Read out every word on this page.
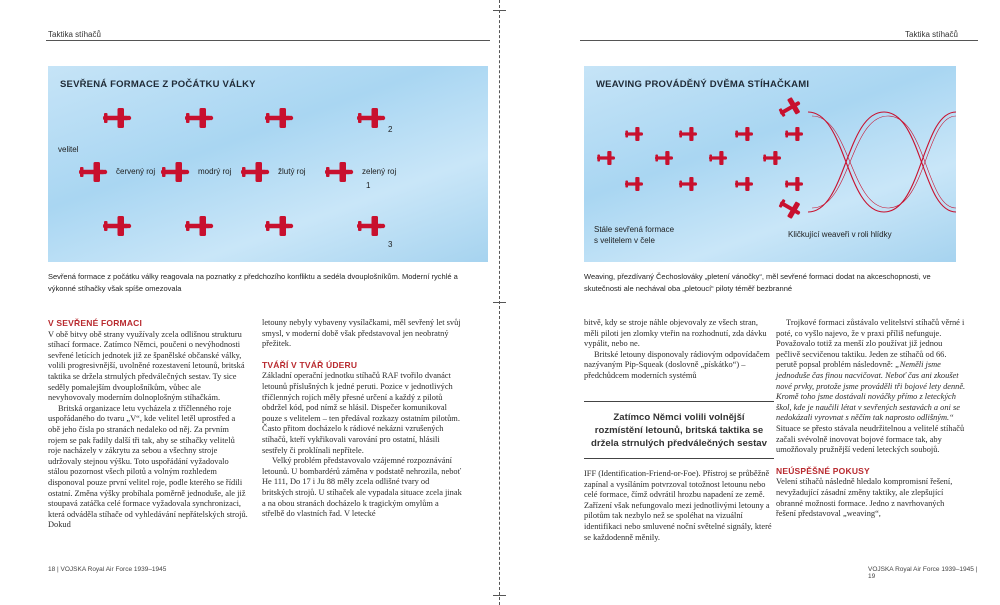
Taktika stíhačů
SEVŘENÁ FORMACE Z POČÁTKU VÁLKY
velitel
červený roj	modrý roj	žlutý roj	zelený roj
1
2
3
Sevřená formace z počátku války reagovala na poznatky z předchozího konfliktu a sedéla dvouplošníkům. Moderní rychlé a výkonné stíhačky však spíše omezovala
V SEVŘENÉ FORMACI

V obě bitvy obě strany využívaly zcela odlišnou strukturu stíhací formace. Zatímco Němci, poučeni o nevýhodnosti sevřené letících jednotek již ze španělské občanské války, volili progresivnější, uvolněné rozestavení letounů, britská taktika se držela strnulých předválečných sestav. Ty sice seděly pomalejším dvouplošníkům, vůbec ale nevyhovovaly moderním dolnoplošným stíhačkám.

Britská organizace letu vycházela z tříčlenného roje uspořádaného do tvaru „V“, kde velitel letěl uprostřed a obě jeho čísla po stranách nedaleko od něj. Za prvním rojem se pak řadily další tři tak, aby se stíhačky velitelů roje nacházely v zákrytu za sebou a všechny stroje udržovaly stejnou výšku. Toto uspořádání vyžadovalo stálou pozornost všech pilotů a volným rozhledem disponoval pouze první velitel roje, podle kterého se řídili ostatní. Změna výšky probíhala poměrně jednoduše, ale již stoupavá zatáčka celé formace vyžadovala synchronizaci, která odváděla stíhače od vyhledávání nepřátelských strojů. Dokud

letouny nebyly vybaveny vysílačkami, měl sevřený let svůj smysl, v moderní době však představoval jen neobratný přežitek.

TVÁŘÍ V TVÁŘ ÚDERU

Základní operační jednotku stíhačů RAF tvořilo dvanáct letounů příslušných k jedné peruti. Pozice v jednotlivých tříčlenných rojích měly přesné určení a každý z pilotů obdržel kód, pod nímž se hlásil. Dispečer komunikoval pouze s velitelem – ten předával rozkazy ostatním pilotům. Často přitom docházelo k rádiové nekázni vzrušených stíhačů, kteří vykřikovali varování pro ostatní, hlásili sestřely či proklínali nepřítele.

Velký problém představovalo vzájemné rozpoznávání letounů. U bombardérů záměna v podstatě nehrozila, neboť He 111, Do 17 i Ju 88 měly zcela odlišné tvary od britských strojů. U stíhaček ale vypadala situace zcela jinak a na obou stranách docházelo k tragickým omylům a střelbě do vlastních řad. V letecké

18 | VOJSKA Royal Air Force 1939–1945
Taktika stíhačů
WEAVING PROVÁDĚNÝ DVĚMA STÍHAČKAMI
Stále sevřená formace
s velitelem v čele
Kličkující weaveři v roli hlídky
Weaving, přezdívaný Čechoslováky „pletení vánočky“, měl sevřené formaci dodat na akceschopnosti, ve skutečnosti ale nechával oba „pletoucí“ piloty téměř bezbranné

bitvě, kdy se stroje náhle objevovaly ze všech stran, měli piloti jen zlomky vteřin na rozhodnutí, zda dávku vypálit, nebo ne.

Britské letouny disponovaly rádiovým odpovídačem nazývaným Pip-Squeak (doslovně „pískátko“) – předchůdcem moderních systémů

Zatímco Němci volili volnější rozmístění letounů, britská taktika se držela strnulých předválečných sestav

IFF (Identification-Friend-or-Foe). Přístroj se průběžně zapínal a vysíláním potvrzoval totožnost letounu nebo celé formace, čímž odvrátil hrozbu napadení ze země. Zařízení však nefungovalo mezi jednotlivými letouny a pilotům tak nezbylo než se spoléhat na vizuální identifikaci nebo smluvené noční světelné signály, které se každodenně měnily.

Trojkové formaci zůstávalo velitelství stíhačů věrné i poté, co vyšlo najevo, že v praxi příliš nefunguje. Považovalo totiž za menší zlo používat již jednou pečlivě secvičenou taktiku. Jeden ze stíhačů od 66. perutě popsal problém následovně: „Neměli jsme jednoduše čas finou nacvičovat. Neboť čas ani zkoušet nové prvky, protože jsme prováděli tři bojové lety denně. Kromě toho jsme dostávali nováčky přímo z leteckých škol, kde je naučili létat v sevřených sestavách a oni se nedokázali vyrovnat s něčím tak naprosto odlišným.“ Situace se přesto stávala neudržitelnou a velitelé stíhačů začali svévolně inovovat bojové formace tak, aby umožňovaly pružnější vedení leteckých soubojů.

NEÚSPĚŠNÉ POKUSY

Velení stíhačů následně hledalo kompromisní řešení, nevyžadující zásadní změny taktiky, ale zlepšující obranné možnosti formace. Jedno z navrhovaných řešení představoval „weaving“,

VOJSKA Royal Air Force 1939–1945 | 19
